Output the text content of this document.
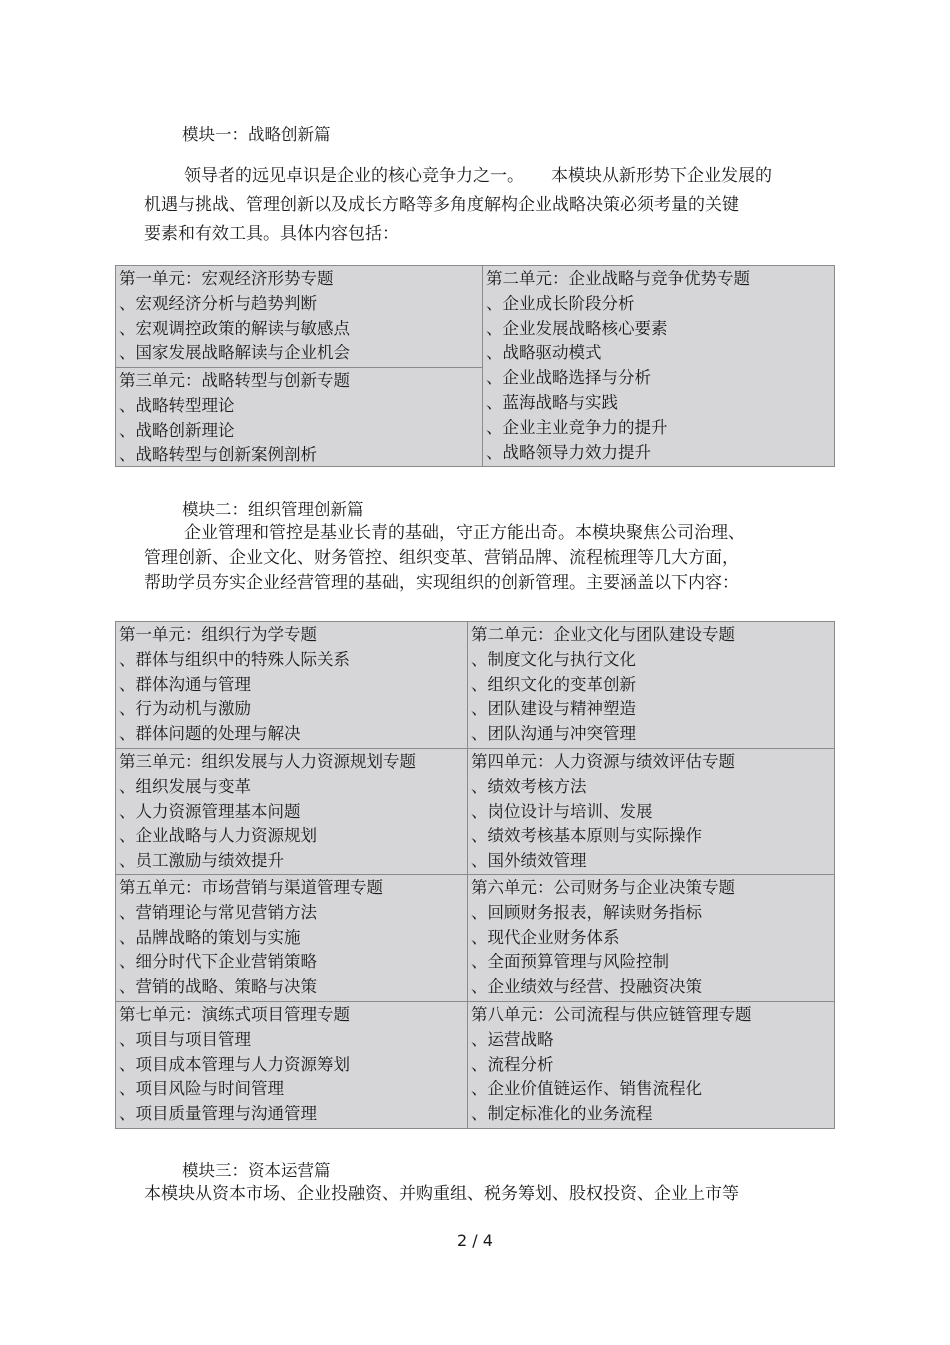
模块一：战略创新篇
领导者的远见卓识是企业的核心竞争力之一。     本模块从新形势下企业发展的
机遇与挑战、管理创新以及成长方略等多角度解构企业战略决策必须考量的关键
要素和有效工具。具体内容包括：
第一单元：宏观经济形势专题
、宏观经济分析与趋势判断
、宏观调控政策的解读与敏感点
、国家发展战略解读与企业机会
第二单元：企业战略与竞争优势专题
、企业成长阶段分析
、企业发展战略核心要素
、战略驱动模式
、企业战略选择与分析
、蓝海战略与实践
、企业主业竞争力的提升
、战略领导力效力提升
第三单元：战略转型与创新专题
、战略转型理论
、战略创新理论
、战略转型与创新案例剖析
模块二：组织管理创新篇
企业管理和管控是基业长青的基础，守正方能出奇。本模块聚焦公司治理、
管理创新、企业文化、财务管控、组织变革、营销品牌、流程梳理等几大方面，
帮助学员夯实企业经营管理的基础，实现组织的创新管理。主要涵盖以下内容：
第一单元：组织行为学专题
、群体与组织中的特殊人际关系
、群体沟通与管理
、行为动机与激励
、群体问题的处理与解决
第二单元：企业文化与团队建设专题
、制度文化与执行文化
、组织文化的变革创新
、团队建设与精神塑造
、团队沟通与冲突管理
第三单元：组织发展与人力资源规划专题
、组织发展与变革
、人力资源管理基本问题
、企业战略与人力资源规划
、员工激励与绩效提升
第四单元：人力资源与绩效评估专题
、绩效考核方法
、岗位设计与培训、发展
、绩效考核基本原则与实际操作
、国外绩效管理
第五单元：市场营销与渠道管理专题
、营销理论与常见营销方法
、品牌战略的策划与实施
、细分时代下企业营销策略
、营销的战略、策略与决策
第六单元：公司财务与企业决策专题
、回顾财务报表，解读财务指标
、现代企业财务体系
、全面预算管理与风险控制
、企业绩效与经营、投融资决策
第七单元：演练式项目管理专题
、项目与项目管理
、项目成本管理与人力资源筹划
、项目风险与时间管理
、项目质量管理与沟通管理
第八单元：公司流程与供应链管理专题
、运营战略
、流程分析
、企业价值链运作、销售流程化
、制定标准化的业务流程
模块三：资本运营篇
本模块从资本市场、企业投融资、并购重组、税务筹划、股权投资、企业上市等
2 / 4
